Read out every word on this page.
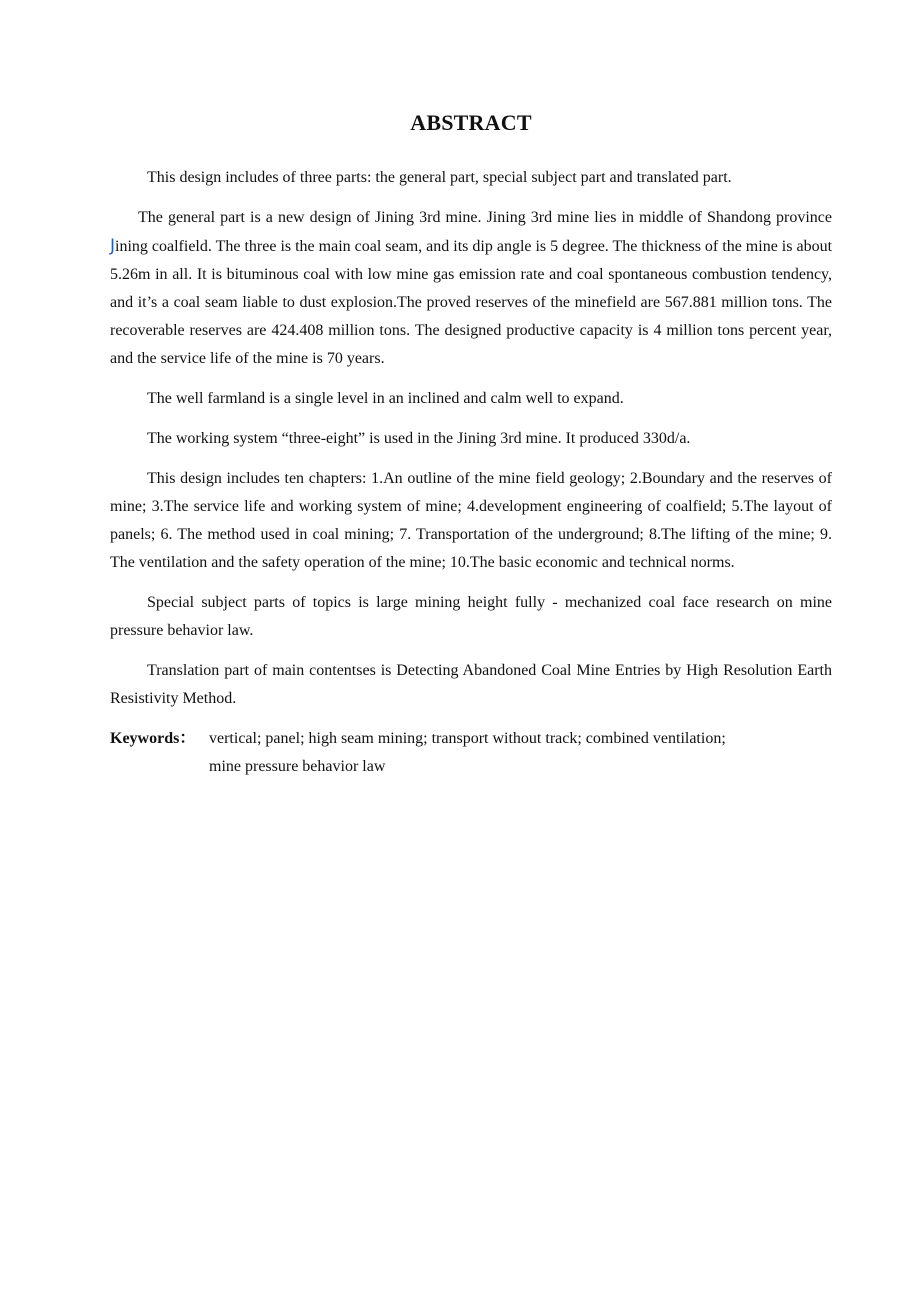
ABSTRACT

This design includes of three parts: the general part, special subject part and translated part.

The general part is a new design of Jining 3rd mine. Jining 3rd mine lies in middle of Shandong province Jining coalfield. The three is the main coal seam, and its dip angle is 5 degree. The thickness of the mine is about 5.26m in all. It is bituminous coal with low mine gas emission rate and coal spontaneous combustion tendency, and it’s a coal seam liable to dust explosion.The proved reserves of the minefield are 567.881 million tons. The recoverable reserves are 424.408 million tons. The designed productive capacity is 4 million tons percent year, and the service life of the mine is 70 years.

The well farmland is a single level in an inclined and calm well to expand.

The working system “three-eight” is used in the Jining 3rd mine. It produced 330d/a.

This design includes ten chapters: 1.An outline of the mine field geology; 2.Boundary and the reserves of mine; 3.The service life and working system of mine; 4.development engineering of coalfield; 5.The layout of panels; 6. The method used in coal mining; 7. Transportation of the underground; 8.The lifting of the mine; 9. The ventilation and the safety operation of the mine; 10.The basic economic and technical norms.

Special subject parts of topics is large mining height fully - mechanized coal face research on mine pressure behavior law.

Translation part of main contentses is Detecting Abandoned Coal Mine Entries by High Resolution Earth Resistivity Method.

Keywords： vertical; panel; high seam mining; transport without track; combined ventilation;
mine pressure behavior law
